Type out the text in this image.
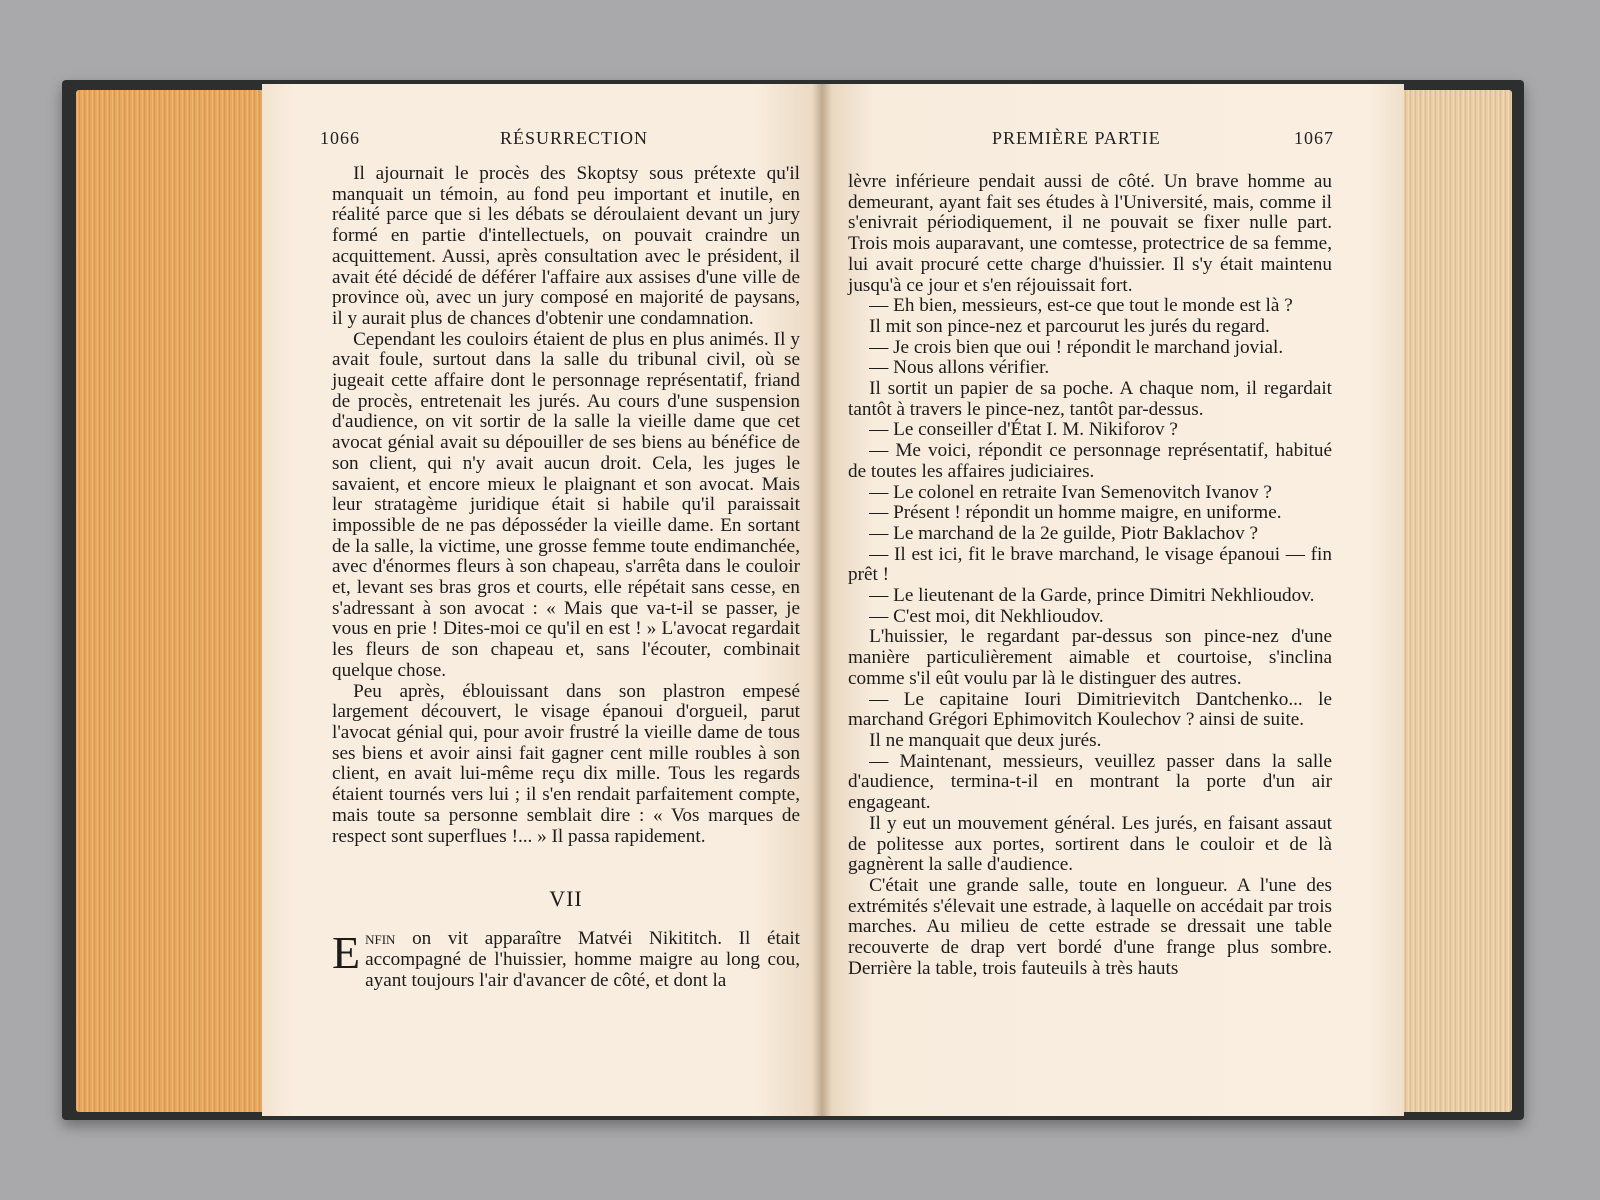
1066	RÉSURRECTION

Il ajournait le procès des Skoptsy sous prétexte qu'il manquait un témoin, au fond peu important et inutile, en réalité parce que si les débats se déroulaient devant un jury formé en partie d'intellectuels, on pouvait craindre un acquittement. Aussi, après consultation avec le président, il avait été décidé de déférer l'affaire aux assises d'une ville de province où, avec un jury composé en majorité de paysans, il y aurait plus de chances d'obtenir une condamnation.

Cependant les couloirs étaient de plus en plus animés. Il y avait foule, surtout dans la salle du tribunal civil, où se jugeait cette affaire dont le personnage représentatif, friand de procès, entretenait les jurés. Au cours d'une suspension d'audience, on vit sortir de la salle la vieille dame que cet avocat génial avait su dépouiller de ses biens au bénéfice de son client, qui n'y avait aucun droit. Cela, les juges le savaient, et encore mieux le plaignant et son avocat. Mais leur stratagème juridique était si habile qu'il paraissait impossible de ne pas déposséder la vieille dame. En sortant de la salle, la victime, une grosse femme toute endimanchée, avec d'énormes fleurs à son chapeau, s'arrêta dans le couloir et, levant ses bras gros et courts, elle répétait sans cesse, en s'adressant à son avocat : « Mais que va-t-il se passer, je vous en prie ! Dites-moi ce qu'il en est ! » L'avocat regardait les fleurs de son chapeau et, sans l'écouter, combinait quelque chose.

Peu après, éblouissant dans son plastron empesé largement découvert, le visage épanoui d'orgueil, parut l'avocat génial qui, pour avoir frustré la vieille dame de tous ses biens et avoir ainsi fait gagner cent mille roubles à son client, en avait lui-même reçu dix mille. Tous les regards étaient tournés vers lui ; il s'en rendait parfaitement compte, mais toute sa personne semblait dire : « Vos marques de respect sont superflues !... » Il passa rapidement.

VII

Enfin on vit apparaître Matvéi Nikititch. Il était accompagné de l'huissier, homme maigre au long cou, ayant toujours l'air d'avancer de côté, et dont la

PREMIÈRE PARTIE	1067

lèvre inférieure pendait aussi de côté. Un brave homme au demeurant, ayant fait ses études à l'Université, mais, comme il s'enivrait périodiquement, il ne pouvait se fixer nulle part. Trois mois auparavant, une comtesse, protectrice de sa femme, lui avait procuré cette charge d'huissier. Il s'y était maintenu jusqu'à ce jour et s'en réjouissait fort.

— Eh bien, messieurs, est-ce que tout le monde est là ?

Il mit son pince-nez et parcourut les jurés du regard.

— Je crois bien que oui ! répondit le marchand jovial.

— Nous allons vérifier.

Il sortit un papier de sa poche. A chaque nom, il regardait tantôt à travers le pince-nez, tantôt par-dessus.

— Le conseiller d'État I. M. Nikiforov ?

— Me voici, répondit ce personnage représentatif, habitué de toutes les affaires judiciaires.

— Le colonel en retraite Ivan Semenovitch Ivanov ?

— Présent ! répondit un homme maigre, en uniforme.

— Le marchand de la 2e guilde, Piotr Baklachov ?

— Il est ici, fit le brave marchand, le visage épanoui — fin prêt !

— Le lieutenant de la Garde, prince Dimitri Nekhlioudov.

— C'est moi, dit Nekhlioudov.

L'huissier, le regardant par-dessus son pince-nez d'une manière particulièrement aimable et courtoise, s'inclina comme s'il eût voulu par là le distinguer des autres.

— Le capitaine Iouri Dimitrievitch Dantchenko... le marchand Grégori Ephimovitch Koulechov ? ainsi de suite.

Il ne manquait que deux jurés.

— Maintenant, messieurs, veuillez passer dans la salle d'audience, termina-t-il en montrant la porte d'un air engageant.

Il y eut un mouvement général. Les jurés, en faisant assaut de politesse aux portes, sortirent dans le couloir et de là gagnèrent la salle d'audience.

C'était une grande salle, toute en longueur. A l'une des extrémités s'élevait une estrade, à laquelle on accédait par trois marches. Au milieu de cette estrade se dressait une table recouverte de drap vert bordé d'une frange plus sombre. Derrière la table, trois fauteuils à très hauts
